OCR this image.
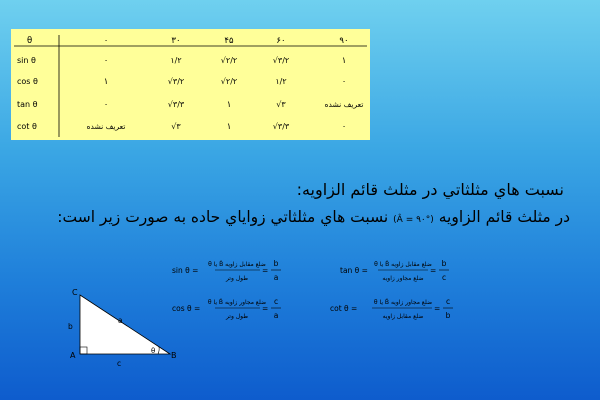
θ	۰	۳۰	۴۵	۶۰	۹۰
sin θ	۰	۱/۲	√۲/۲	√۳/۲	۱
cos θ	۱	√۳/۲	√۲/۲	۱/۲	۰
tan θ	۰	√۳/۳	۱	√۳	تعريف نشده
cot θ	تعريف نشده	√۳	۱	√۳/۳	۰
نسبت هاي مثلثاتي در مثلث قائم الزاويه:
در مثلث قائم الزاويه (Â = ۹۰°) نسبت هاي مثلثاتي زواياي حاده به صورت زير است:
sin θ =
ضلع مقابل زاويه B̂ يا θ
طول وتر
=
b
a
tan θ =
ضلع مقابل زاويه B̂ يا θ
ضلع مجاور زاويه
=
b
c
cos θ =
ضلع مجاور زاويه B̂ يا θ
طول وتر
=
c
a
cot θ =
ضلع مجاور زاويه B̂ يا θ
ضلع مقابل زاويه
=
c
b
C
A	B
b
c
a
θ
